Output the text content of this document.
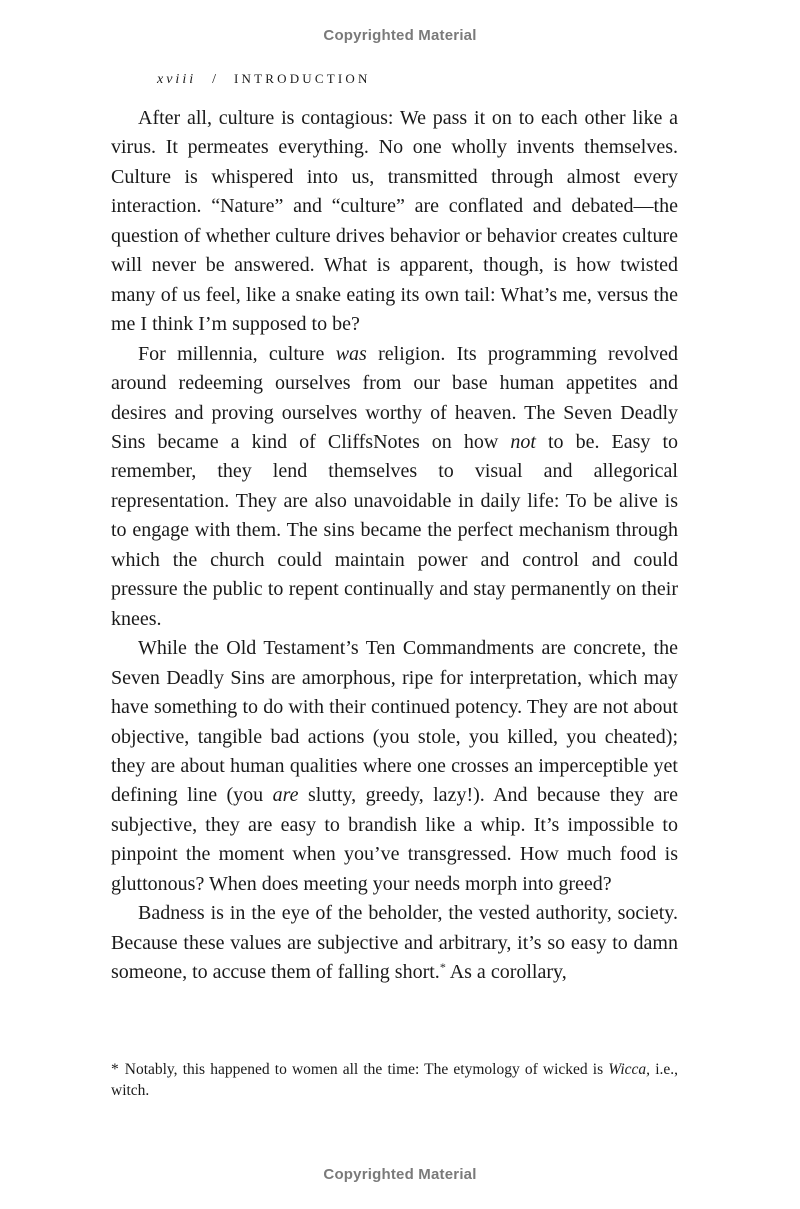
Copyrighted Material
xviii / INTRODUCTION

After all, culture is contagious: We pass it on to each other like a virus. It permeates everything. No one wholly invents themselves. Culture is whispered into us, transmitted through almost every interaction. “Nature” and “culture” are conflated and debated—the question of whether culture drives behavior or behavior creates culture will never be answered. What is apparent, though, is how twisted many of us feel, like a snake eating its own tail: What’s me, versus the me I think I’m supposed to be?

For millennia, culture was religion. Its programming revolved around redeeming ourselves from our base human appetites and desires and proving ourselves worthy of heaven. The Seven Deadly Sins became a kind of CliffsNotes on how not to be. Easy to remember, they lend themselves to visual and allegorical representation. They are also unavoidable in daily life: To be alive is to engage with them. The sins became the perfect mechanism through which the church could maintain power and control and could pressure the public to repent continually and stay permanently on their knees.

While the Old Testament’s Ten Commandments are concrete, the Seven Deadly Sins are amorphous, ripe for interpretation, which may have something to do with their continued potency. They are not about objective, tangible bad actions (you stole, you killed, you cheated); they are about human qualities where one crosses an imperceptible yet defining line (you are slutty, greedy, lazy!). And because they are subjective, they are easy to brandish like a whip. It’s impossible to pinpoint the moment when you’ve transgressed. How much food is gluttonous? When does meeting your needs morph into greed?

Badness is in the eye of the beholder, the vested authority, society. Because these values are subjective and arbitrary, it’s so easy to damn someone, to accuse them of falling short.* As a corollary,

* Notably, this happened to women all the time: The etymology of wicked is Wicca, i.e., witch.
Copyrighted Material
